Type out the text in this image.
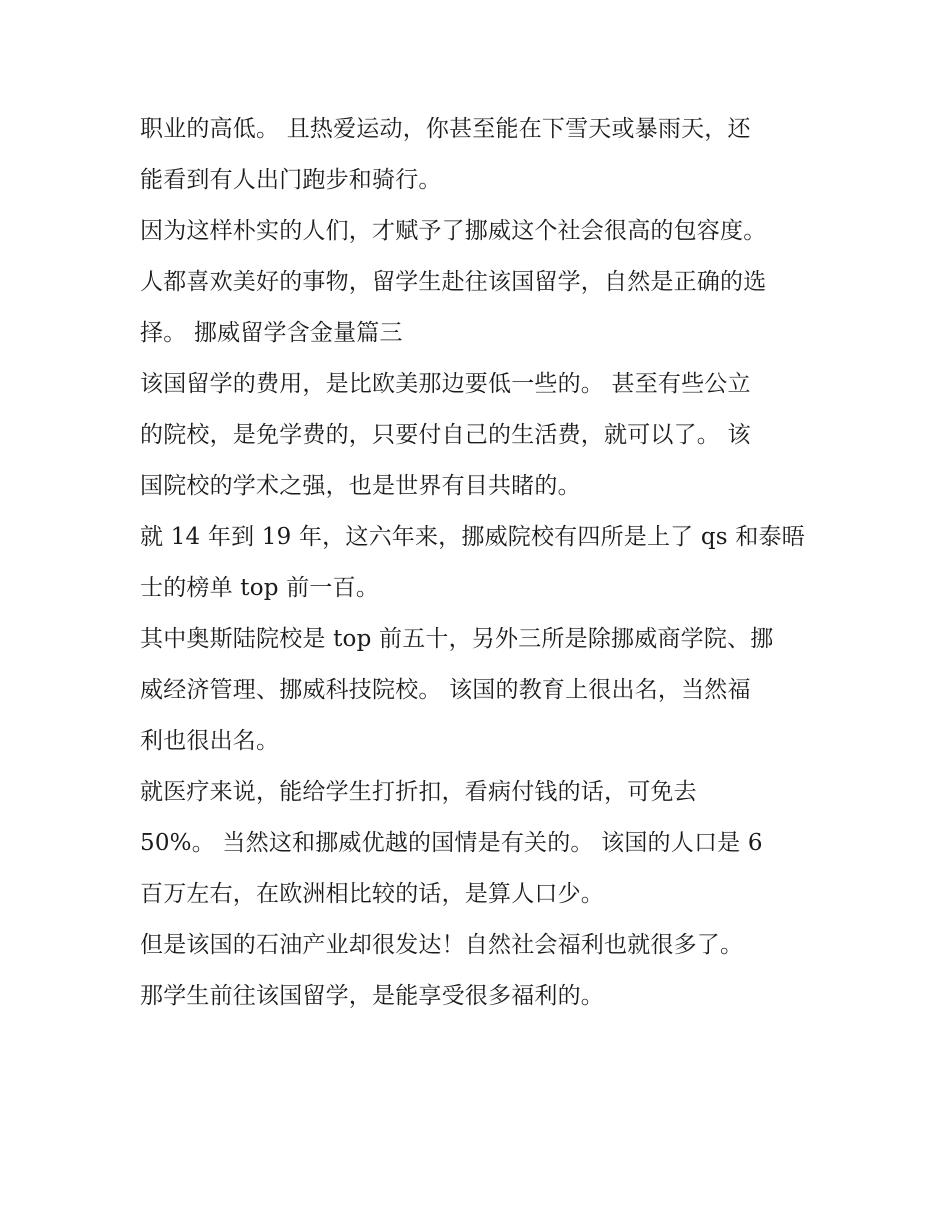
职业的高低。 且热爱运动，你甚至能在下雪天或暴雨天，还
能看到有人出门跑步和骑行。
因为这样朴实的人们，才赋予了挪威这个社会很高的包容度。
人都喜欢美好的事物，留学生赴往该国留学，自然是正确的选
择。 挪威留学含金量篇三
该国留学的费用，是比欧美那边要低一些的。 甚至有些公立
的院校，是免学费的，只要付自己的生活费，就可以了。 该
国院校的学术之强，也是世界有目共睹的。
就 14 年到 19 年，这六年来，挪威院校有四所是上了 qs 和泰晤
士的榜单 top 前一百。
其中奥斯陆院校是 top 前五十，另外三所是除挪威商学院、挪
威经济管理、挪威科技院校。 该国的教育上很出名，当然福
利也很出名。
就医疗来说，能给学生打折扣，看病付钱的话，可免去
50%。 当然这和挪威优越的国情是有关的。 该国的人口是 6
百万左右，在欧洲相比较的话，是算人口少。
但是该国的石油产业却很发达！自然社会福利也就很多了。
那学生前往该国留学，是能享受很多福利的。
